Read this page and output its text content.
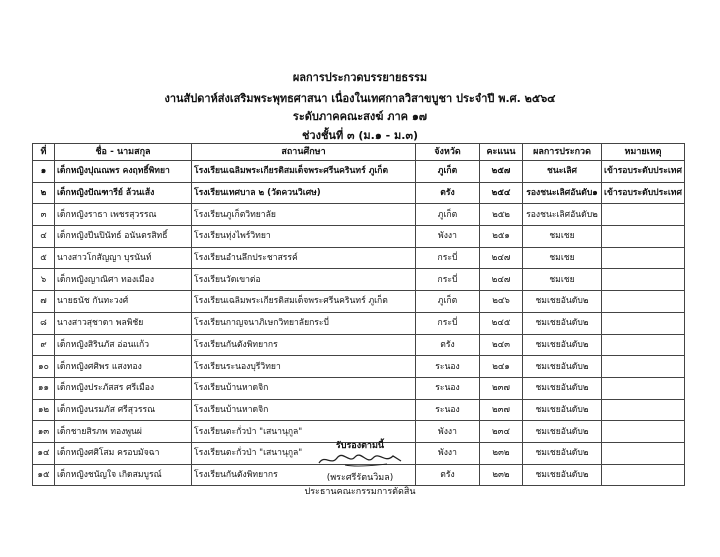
ผลการประกวดบรรยายธรรม
งานสัปดาห์ส่งเสริมพระพุทธศาสนา เนื่องในเทศกาลวิสาขบูชา ประจำปี พ.ศ. ๒๕๖๔
ระดับภาคคณะสงฆ์ ภาค ๑๗
ช่วงชั้นที่ ๓ (ม.๑ - ม.๓)
ที่	ชื่อ - นามสกุล	สถานศึกษา	จังหวัด	คะแนน	ผลการประกวด	หมายเหตุ
๑	เด็กหญิงปุณณพร คงฤทธิ์พิทยา	โรงเรียนเฉลิมพระเกียรติสมเด็จพระศรีนครินทร์ ภูเก็ต	ภูเก็ต	๒๕๗	ชนะเลิศ	เข้ารอบระดับประเทศ
๒	เด็กหญิงปัณฑารีย์ ล้วนเส้ง	โรงเรียนเทศบาล ๒ (วัดควนวิเศษ)	ตรัง	๒๕๔	รองชนะเลิศอันดับ๑	เข้ารอบระดับประเทศ
๓	เด็กหญิงราธา เพชรสุวรรณ	โรงเรียนภูเก็ตวิทยาลัย	ภูเก็ต	๒๕๒	รองชนะเลิศอันดับ๒	
๔	เด็กหญิงปีนปินัทธ์ อนันตรสิทธิ์	โรงเรียนทุ่งไพร์วิทยา	พังงา	๒๕๑	ชมเชย	
๕	นางสาวโกสัญญา บุรนันท์	โรงเรียนอำนลึกประชาสรรค์	กระบี่	๒๔๗	ชมเชย	
๖	เด็กหญิงญาณิศา ทองเมือง	โรงเรียนวัดเขาต่อ	กระบี่	๒๔๗	ชมเชย	
๗	นายธนัช กันทะวงศ์	โรงเรียนเฉลิมพระเกียรติสมเด็จพระศรีนครินทร์ ภูเก็ต	ภูเก็ต	๒๔๖	ชมเชยอันดับ๒	
๘	นางสาวสุชาดา พลพิชัย	โรงเรียนกาญจนาภิเษกวิทยาลัยกระบี่	กระบี่	๒๔๕	ชมเชยอันดับ๒	
๙	เด็กหญิงสิรินภัส อ่อนแก้ว	โรงเรียนกันตังพิทยากร	ตรัง	๒๔๓	ชมเชยอันดับ๒	
๑๐	เด็กหญิงศศิพร แสงทอง	โรงเรียนระนองบุรีวิทยา	ระนอง	๒๔๑	ชมเชยอันดับ๒	
๑๑	เด็กหญิงประภัสสร ศรีเมือง	โรงเรียนบ้านหาดจิก	ระนอง	๒๓๗	ชมเชยอันดับ๒	
๑๒	เด็กหญิงนรมภัส ศรีสุวรรณ	โรงเรียนบ้านหาดจิก	ระนอง	๒๓๗	ชมเชยอันดับ๒	
๑๓	เด็กชายสิรภพ ทองพูนผ่	โรงเรียนตะกั่วป่า "เสนานุกูล"	พังงา	๒๓๔	ชมเชยอันดับ๒	
๑๔	เด็กหญิงศศิโสม ครอบมัจฉา	โรงเรียนตะกั่วป่า "เสนานุกูล"	พังงา	๒๓๒	ชมเชยอันดับ๒	
๑๕	เด็กหญิงชนัญใจ เกิดสมบูรณ์	โรงเรียนกันตังพิทยากร	ตรัง	๒๓๒	ชมเชยอันดับ๒	
รับรองตามนี้
(พระศรีรัตนวิมล)
ประธานคณะกรรมการตัดสิน
